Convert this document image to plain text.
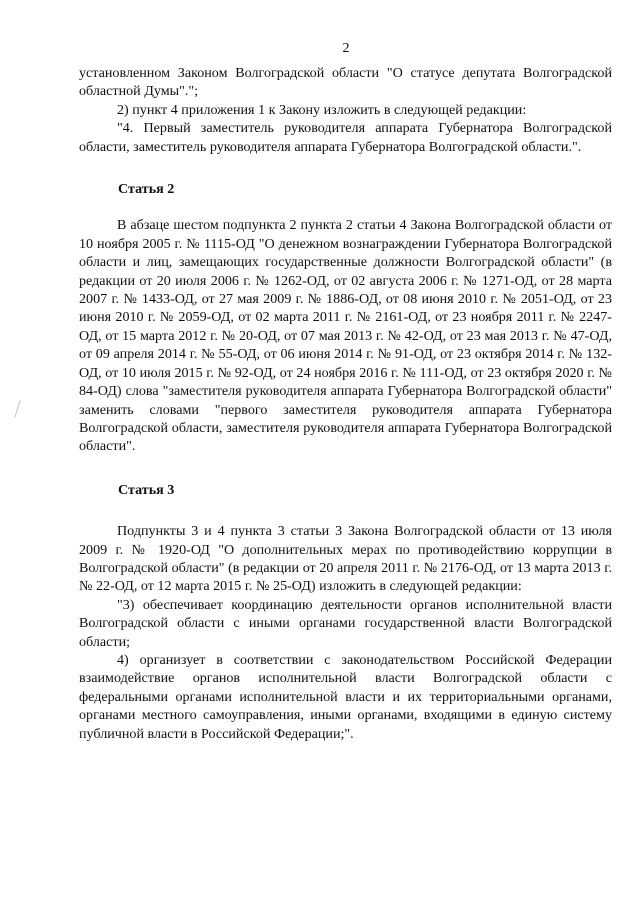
2

установленном Законом Волгоградской области "О статусе депутата Волгоградской областной Думы".";

2) пункт 4 приложения 1 к Закону изложить в следующей редакции:

"4. Первый заместитель руководителя аппарата Губернатора Волгоградской области, заместитель руководителя аппарата Губернатора Волгоградской области.".

Статья 2

В абзаце шестом подпункта 2 пункта 2 статьи 4 Закона Волгоградской области от 10 ноября 2005 г. № 1115-ОД "О денежном вознаграждении Губернатора Волгоградской области и лиц, замещающих государственные должности Волгоградской области" (в редакции от 20 июля 2006 г. № 1262-ОД, от 02 августа 2006 г. № 1271-ОД, от 28 марта 2007 г. № 1433-ОД, от 27 мая 2009 г. № 1886-ОД, от 08 июня 2010 г. № 2051-ОД, от 23 июня 2010 г. № 2059-ОД, от 02 марта 2011 г. № 2161-ОД, от 23 ноября 2011 г. № 2247-ОД, от 15 марта 2012 г. № 20-ОД, от 07 мая 2013 г. № 42-ОД, от 23 мая 2013 г. № 47-ОД, от 09 апреля 2014 г. № 55-ОД, от 06 июня 2014 г. № 91-ОД, от 23 октября 2014 г. № 132-ОД, от 10 июля 2015 г. № 92-ОД, от 24 ноября 2016 г. № 111-ОД, от 23 октября 2020 г. № 84-ОД) слова "заместителя руководителя аппарата Губернатора Волгоградской области" заменить словами "первого заместителя руководителя аппарата Губернатора Волгоградской области, заместителя руководителя аппарата Губернатора Волгоградской области".

Статья 3

Подпункты 3 и 4 пункта 3 статьи 3 Закона Волгоградской области от 13 июля 2009 г. № 1920-ОД "О дополнительных мерах по противодействию коррупции в Волгоградской области" (в редакции от 20 апреля 2011 г. № 2176-ОД, от 13 марта 2013 г. № 22-ОД, от 12 марта 2015 г. № 25-ОД) изложить в следующей редакции:

"3) обеспечивает координацию деятельности органов исполнительной власти Волгоградской области с иными органами государственной власти Волгоградской области;

4) организует в соответствии с законодательством Российской Федерации взаимодействие органов исполнительной власти Волгоградской области с федеральными органами исполнительной власти и их территориальными органами, органами местного самоуправления, иными органами, входящими в единую систему публичной власти в Российской Федерации;".
